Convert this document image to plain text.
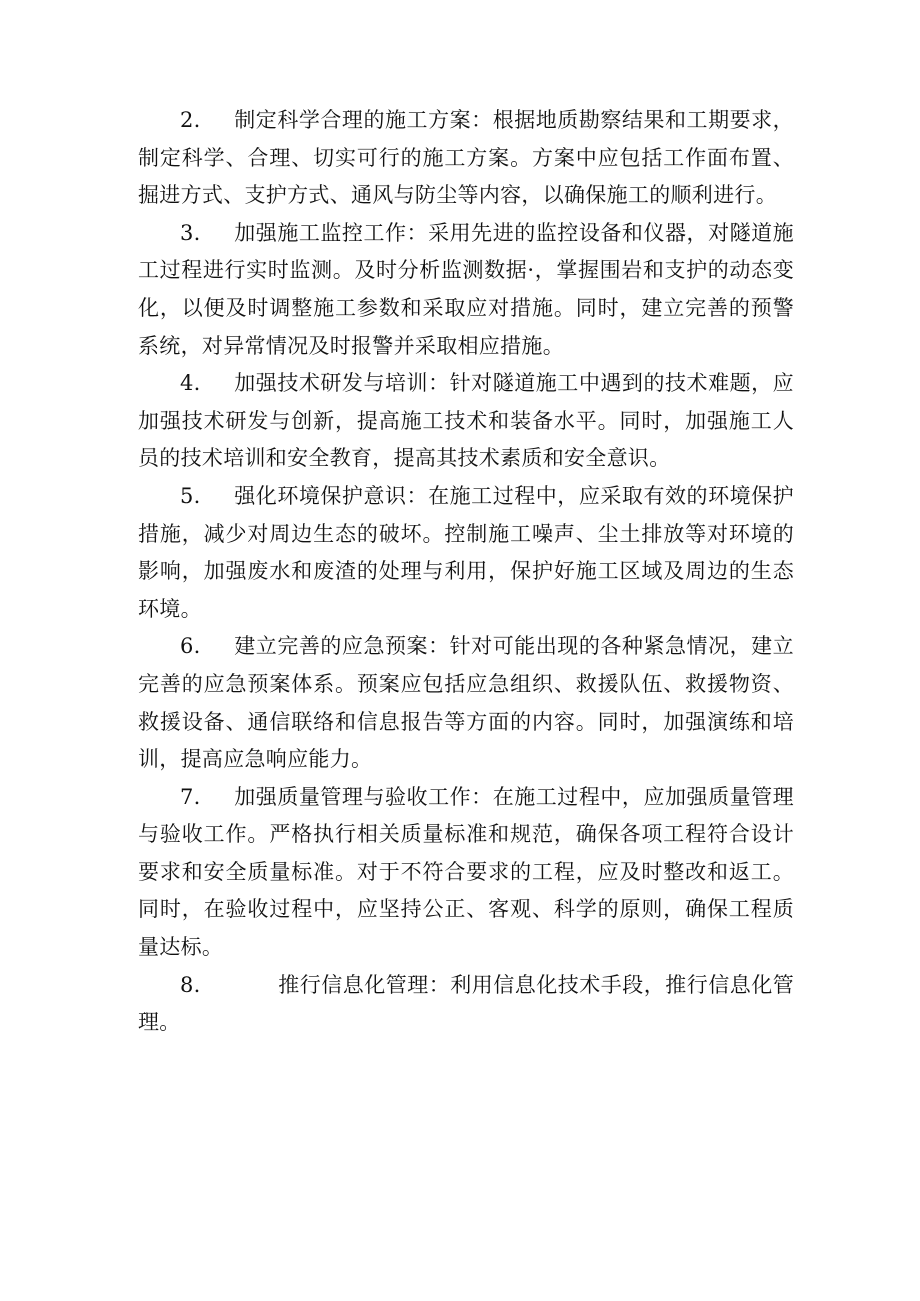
2. 制定科学合理的施工方案：根据地质勘察结果和工期要求，制定科学、合理、切实可行的施工方案。方案中应包括工作面布置、掘进方式、支护方式、通风与防尘等内容，以确保施工的顺利进行。

3. 加强施工监控工作：采用先进的监控设备和仪器，对隧道施工过程进行实时监测。及时分析监测数据·，掌握围岩和支护的动态变化，以便及时调整施工参数和采取应对措施。同时，建立完善的预警系统，对异常情况及时报警并采取相应措施。

4. 加强技术研发与培训：针对隧道施工中遇到的技术难题，应加强技术研发与创新，提高施工技术和装备水平。同时，加强施工人员的技术培训和安全教育，提高其技术素质和安全意识。

5. 强化环境保护意识：在施工过程中，应采取有效的环境保护措施，减少对周边生态的破坏。控制施工噪声、尘土排放等对环境的影响，加强废水和废渣的处理与利用，保护好施工区域及周边的生态环境。

6. 建立完善的应急预案：针对可能出现的各种紧急情况，建立完善的应急预案体系。预案应包括应急组织、救援队伍、救援物资、救援设备、通信联络和信息报告等方面的内容。同时，加强演练和培训，提高应急响应能力。

7. 加强质量管理与验收工作：在施工过程中，应加强质量管理与验收工作。严格执行相关质量标准和规范，确保各项工程符合设计要求和安全质量标准。对于不符合要求的工程，应及时整改和返工。同时，在验收过程中，应坚持公正、客观、科学的原则，确保工程质量达标。

8.	推行信息化管理：利用信息化技术手段，推行信息化管理。
